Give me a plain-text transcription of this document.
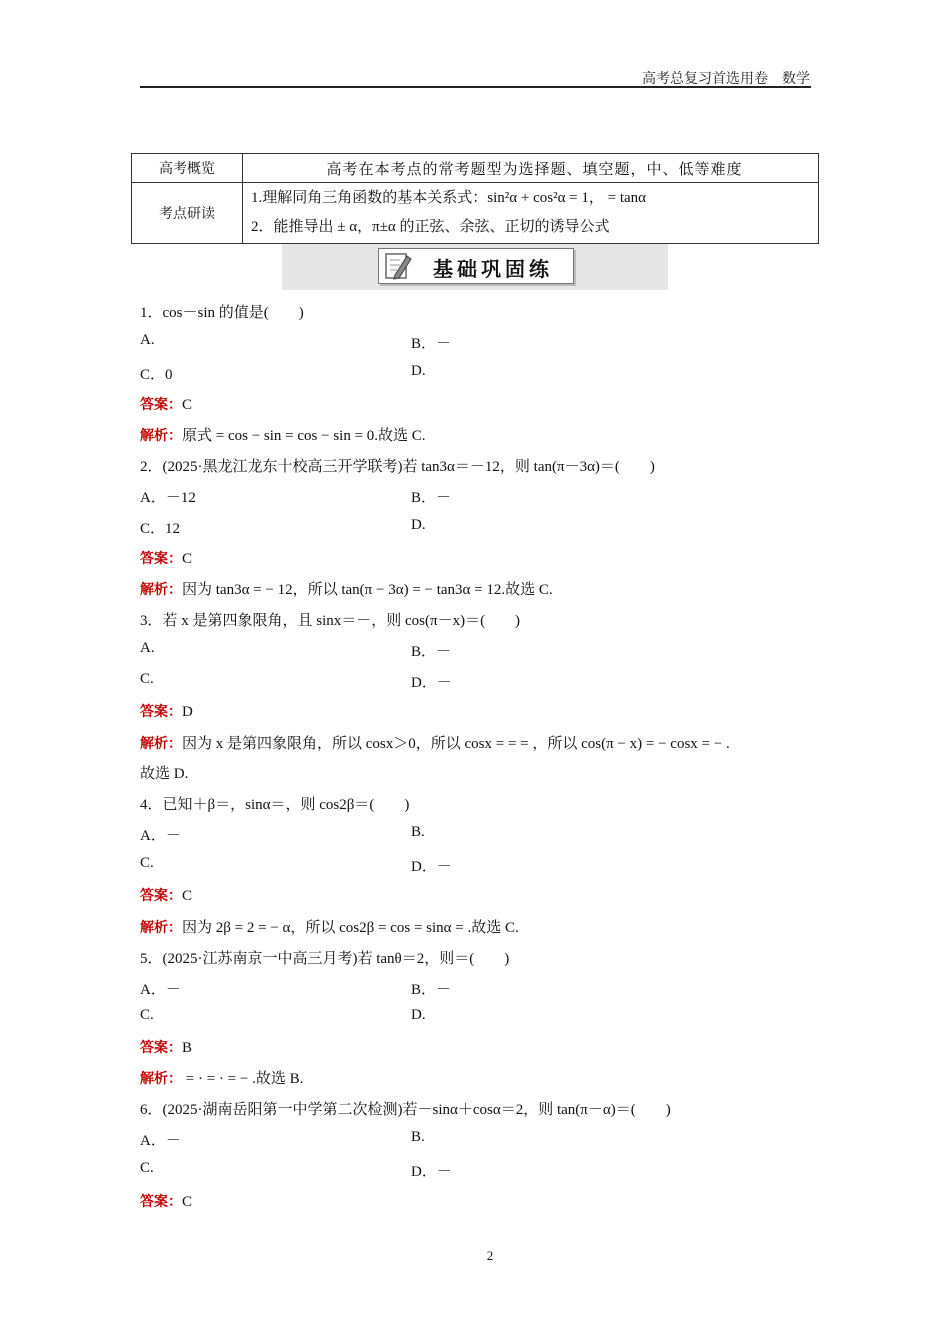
高考总复习首选用卷    数学
高考概览	高考在本考点的常考题型为选择题、填空题，中、低等难度
考点研读	1.理解同角三角函数的基本关系式：sin²α + cos²α = 1， = tanα
2．能推导出 ± α，π±α 的正弦、余弦、正切的诱导公式
基础巩固练
1．cos－sin 的值是(　　)
A.	B．－
C．0	D.
答案：C
解析：原式 = cos − sin = cos − sin = 0.故选 C.
2．(2025·黑龙江龙东十校高三开学联考)若 tan3α＝－12，则 tan(π－3α)＝(　　)
A．－12	B．－
C．12	D.
答案：C
解析：因为 tan3α = − 12，所以 tan(π − 3α) = − tan3α = 12.故选 C.
3．若 x 是第四象限角，且 sinx＝－，则 cos(π－x)＝(　　)
A.	B．－
C.	D．－
答案：D
解析：因为 x 是第四象限角，所以 cosx＞0，所以 cosx = = = ，所以 cos(π − x) = − cosx = − .
故选 D.
4．已知＋β＝，sinα＝，则 cos2β＝(　　)
A．－	B.
C.	D．－
答案：C
解析：因为 2β = 2 = − α，所以 cos2β = cos = sinα = .故选 C.
5．(2025·江苏南京一中高三月考)若 tanθ＝2，则＝(　　)
A．－	B．－
C.	D.
答案：B
解析： = · = · = − .故选 B.
6．(2025·湖南岳阳第一中学第二次检测)若－sinα＋cosα＝2，则 tan(π－α)＝(　　)
A．－	B.
C.	D．－
答案：C
2
